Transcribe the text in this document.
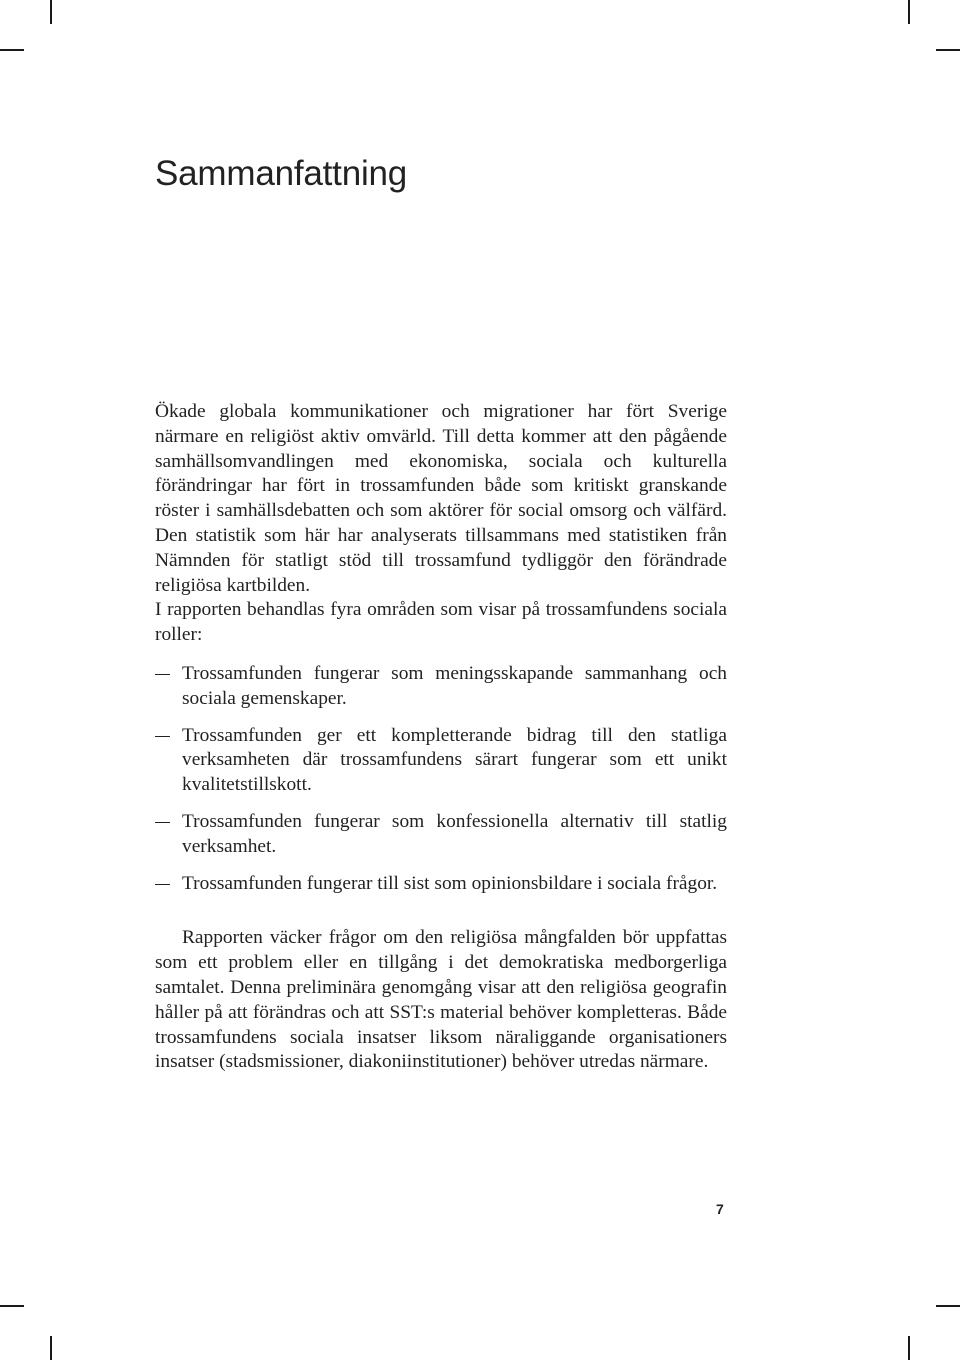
Sammanfattning

Ökade globala kommunikationer och migrationer har fört Sverige närmare en religiöst aktiv omvärld. Till detta kommer att den pågående samhällsomvandlingen med ekonomiska, sociala och kulturella förändringar har fört in trossamfunden både som kritiskt granskande röster i samhällsdebatten och som aktörer för social omsorg och välfärd. Den statistik som här har analyserats tillsammans med statistiken från Nämnden för statligt stöd till trossamfund tydliggör den förändrade religiösa kartbilden.

I rapporten behandlas fyra områden som visar på trossamfundens sociala roller:

Trossamfunden fungerar som meningsskapande sammanhang och sociala gemenskaper.
Trossamfunden ger ett kompletterande bidrag till den statliga verksamheten där trossamfundens särart fungerar som ett unikt kvalitetstillskott.
Trossamfunden fungerar som konfessionella alternativ till statlig verksamhet.
Trossamfunden fungerar till sist som opinionsbildare i sociala frågor.

Rapporten väcker frågor om den religiösa mångfalden bör uppfattas som ett problem eller en tillgång i det demokratiska medborgerliga samtalet. Denna preliminära genomgång visar att den religiösa geografin håller på att förändras och att SST:s material behöver kompletteras. Både trossamfundens sociala insatser liksom näraliggande organisationers insatser (stadsmissioner, diakoniinstitutioner) behöver utredas närmare.

7
